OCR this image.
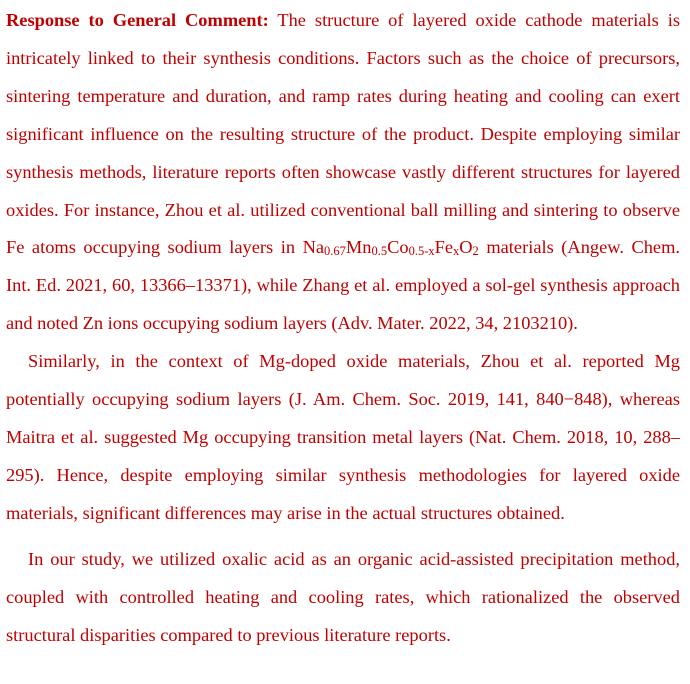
Response to General Comment: The structure of layered oxide cathode materials is intricately linked to their synthesis conditions. Factors such as the choice of precursors, sintering temperature and duration, and ramp rates during heating and cooling can exert significant influence on the resulting structure of the product. Despite employing similar synthesis methods, literature reports often showcase vastly different structures for layered oxides. For instance, Zhou et al. utilized conventional ball milling and sintering to observe Fe atoms occupying sodium layers in Na0.67Mn0.5Co0.5-xFexO2 materials (Angew. Chem. Int. Ed. 2021, 60, 13366–13371), while Zhang et al. employed a sol-gel synthesis approach and noted Zn ions occupying sodium layers (Adv. Mater. 2022, 34, 2103210).

Similarly, in the context of Mg-doped oxide materials, Zhou et al. reported Mg potentially occupying sodium layers (J. Am. Chem. Soc. 2019, 141, 840−848), whereas Maitra et al. suggested Mg occupying transition metal layers (Nat. Chem. 2018, 10, 288–295). Hence, despite employing similar synthesis methodologies for layered oxide materials, significant differences may arise in the actual structures obtained.

In our study, we utilized oxalic acid as an organic acid-assisted precipitation method, coupled with controlled heating and cooling rates, which rationalized the observed structural disparities compared to previous literature reports.
